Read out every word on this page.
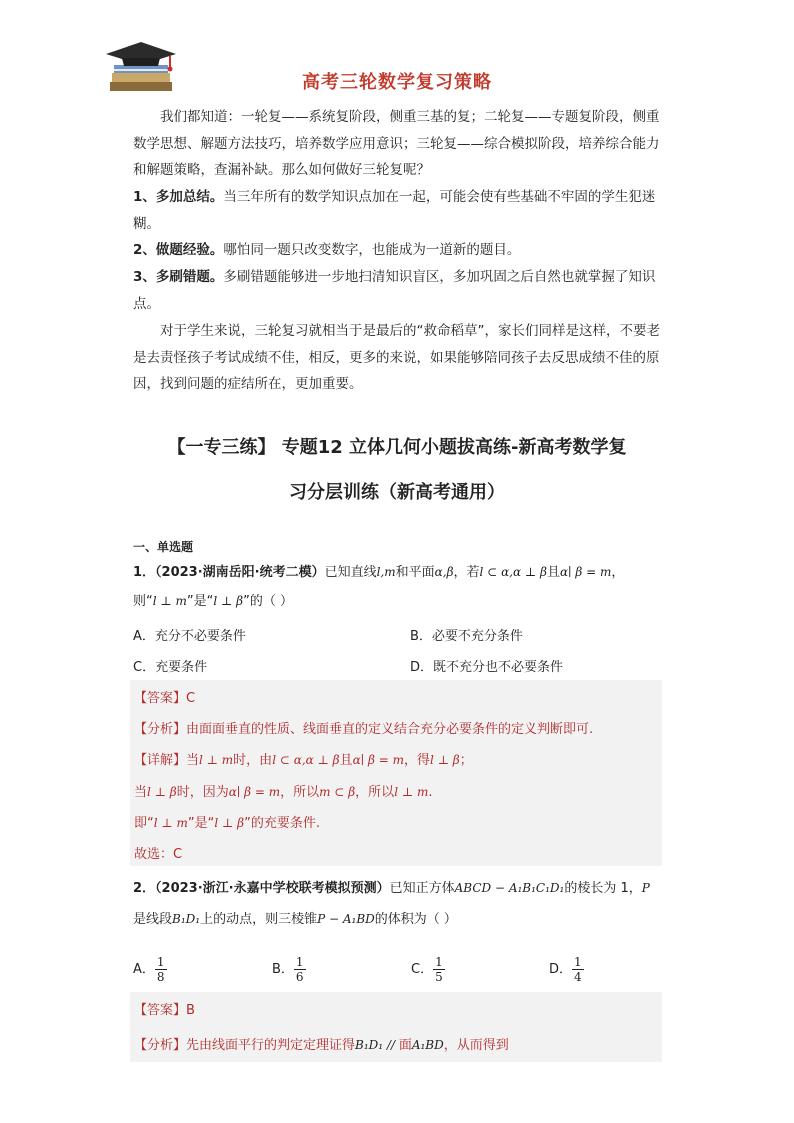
高考三轮数学复习策略
我们都知道：一轮复——系统复阶段，侧重三基的复；二轮复——专题复阶段，侧重数学思想、解题方法技巧，培养数学应用意识；三轮复——综合模拟阶段，培养综合能力和解题策略，查漏补缺。那么如何做好三轮复呢？
1、多加总结。当三年所有的数学知识点加在一起，可能会使有些基础不牢固的学生犯迷糊。
2、做题经验。哪怕同一题只改变数字，也能成为一道新的题目。
3、多刷错题。多刷错题能够进一步地扫清知识盲区，多加巩固之后自然也就掌握了知识点。
对于学生来说，三轮复习就相当于是最后的“救命稻草”，家长们同样是这样，不要老是去责怪孩子考试成绩不佳，相反，更多的来说，如果能够陪同孩子去反思成绩不佳的原因，找到问题的症结所在，更加重要。
【一专三练】 专题12 立体几何小题拔高练-新高考数学复
习分层训练（新高考通用）
一、单选题
1．（2023·湖南岳阳·统考二模）已知直线l,m和平面α,β，若l ⊂ α,α ⊥ β且α∣ β = m，
则“l ⊥ m”是“l ⊥ β”的（ ）
A．充分不必要条件	B．必要不充分条件
C．充要条件	D．既不充分也不必要条件
【答案】C
【分析】由面面垂直的性质、线面垂直的定义结合充分必要条件的定义判断即可.
【详解】当l ⊥ m时，由l ⊂ α,α ⊥ β且α∣ β = m，得l ⊥ β；
当l ⊥ β时，因为α∣ β = m，所以m ⊂ β，所以l ⊥ m.
即“l ⊥ m”是“l ⊥ β”的充要条件.
故选：C
2．（2023·浙江·永嘉中学校联考模拟预测）已知正方体ABCD − A₁B₁C₁D₁的棱长为 1，P
是线段B₁D₁上的动点，则三棱锥P − A₁BD的体积为（ ）
A． $\frac{1}{8}$	B． $\frac{1}{6}$	C． $\frac{1}{5}$	D． $\frac{1}{4}$
【答案】B
【分析】先由线面平行的判定定理证得B₁D₁ // 面A₁BD，从而得到
